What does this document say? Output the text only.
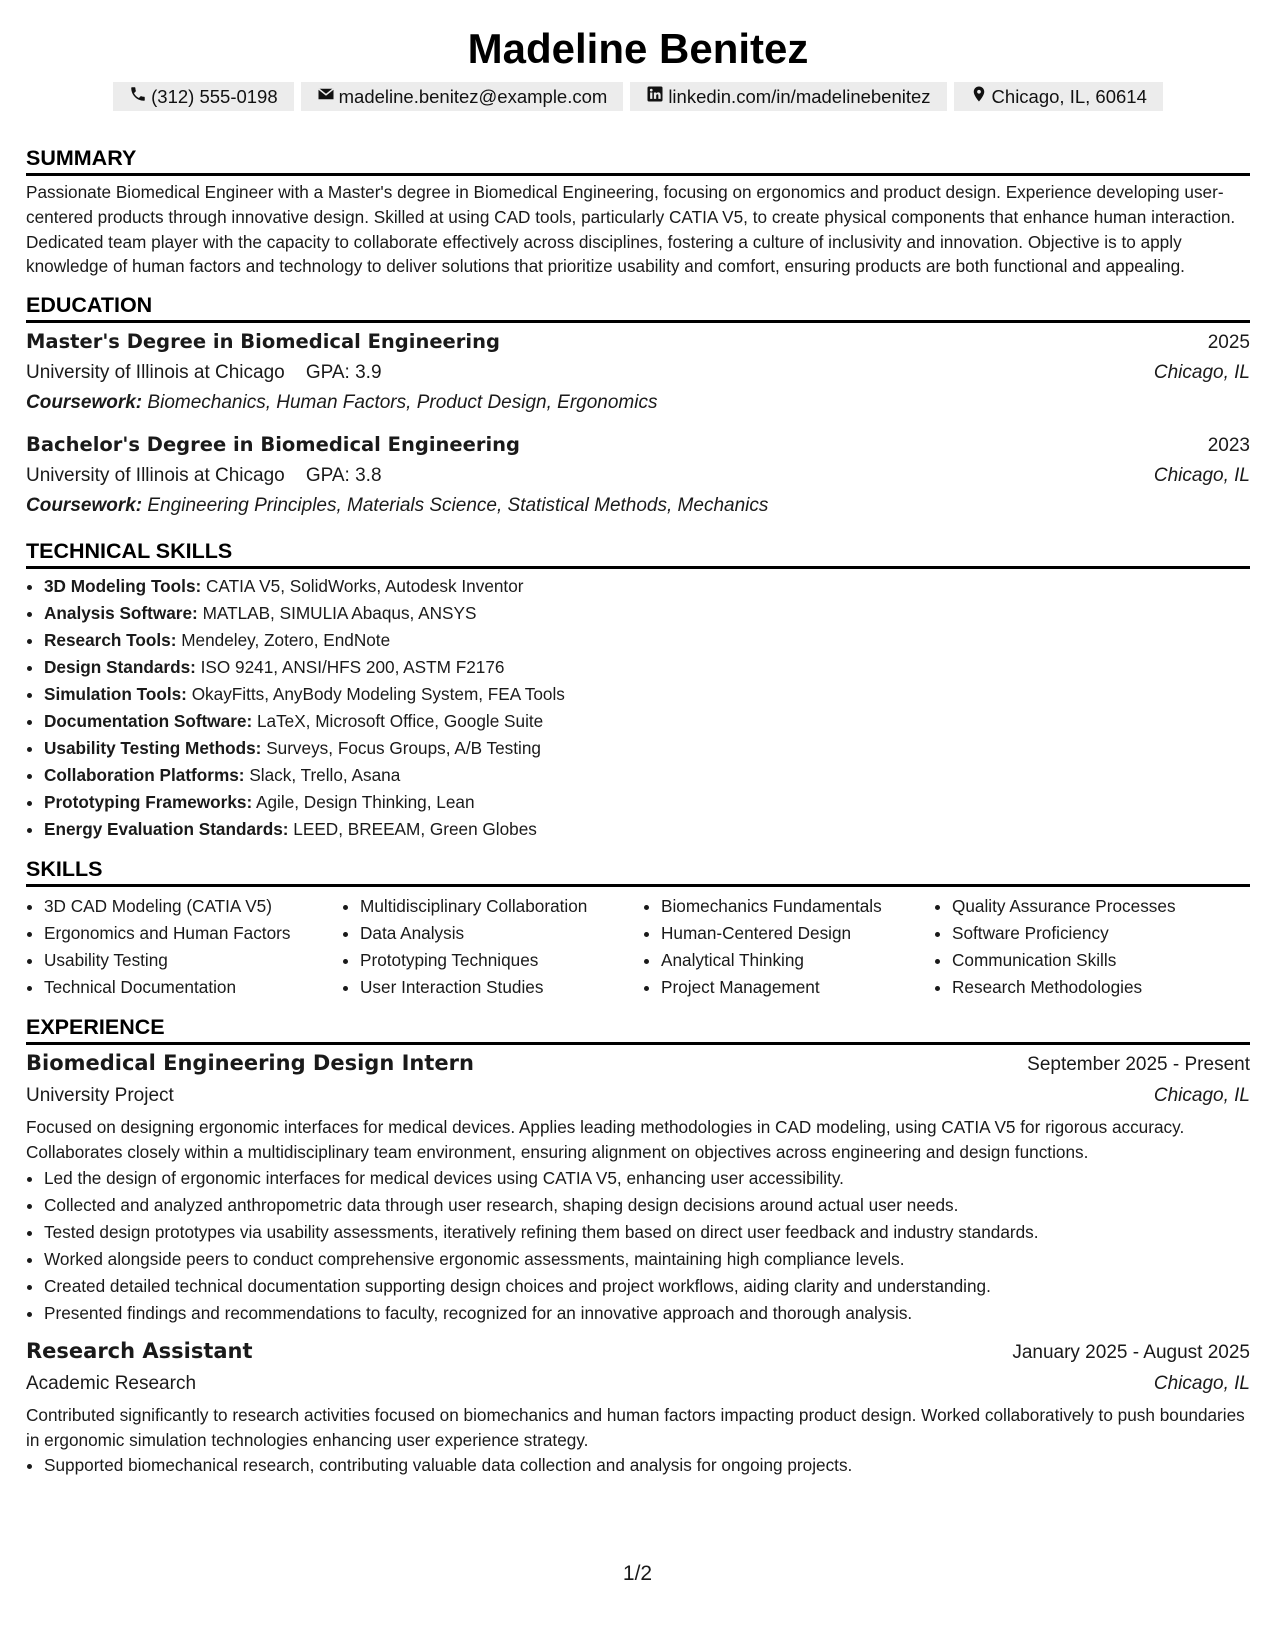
Madeline Benitez
(312) 555-0198	madeline.benitez@example.com	linkedin.com/in/madelinebenitez	Chicago, IL, 60614
SUMMARY

Passionate Biomedical Engineer with a Master's degree in Biomedical Engineering, focusing on ergonomics and product design. Experience developing user-centered products through innovative design. Skilled at using CAD tools, particularly CATIA V5, to create physical components that enhance human interaction. Dedicated team player with the capacity to collaborate effectively across disciplines, fostering a culture of inclusivity and innovation. Objective is to apply knowledge of human factors and technology to deliver solutions that prioritize usability and comfort, ensuring products are both functional and appealing.

EDUCATION
Master's Degree in Biomedical Engineering	2025
University of Illinois at Chicago GPA: 3.9	Chicago, IL
Coursework: Biomechanics, Human Factors, Product Design, Ergonomics
Bachelor's Degree in Biomedical Engineering	2023
University of Illinois at Chicago GPA: 3.8	Chicago, IL
Coursework: Engineering Principles, Materials Science, Statistical Methods, Mechanics
TECHNICAL SKILLS
• 3D Modeling Tools: CATIA V5, SolidWorks, Autodesk Inventor
• Analysis Software: MATLAB, SIMULIA Abaqus, ANSYS
• Research Tools: Mendeley, Zotero, EndNote
• Design Standards: ISO 9241, ANSI/HFS 200, ASTM F2176
• Simulation Tools: OkayFitts, AnyBody Modeling System, FEA Tools
• Documentation Software: LaTeX, Microsoft Office, Google Suite
• Usability Testing Methods: Surveys, Focus Groups, A/B Testing
• Collaboration Platforms: Slack, Trello, Asana
• Prototyping Frameworks: Agile, Design Thinking, Lean
• Energy Evaluation Standards: LEED, BREEAM, Green Globes
SKILLS
• 3D CAD Modeling (CATIA V5)
• Ergonomics and Human Factors
• Usability Testing
• Technical Documentation
• Multidisciplinary Collaboration
• Data Analysis
• Prototyping Techniques
• User Interaction Studies
• Biomechanics Fundamentals
• Human-Centered Design
• Analytical Thinking
• Project Management
• Quality Assurance Processes
• Software Proficiency
• Communication Skills
• Research Methodologies
EXPERIENCE
Biomedical Engineering Design Intern	September 2025 - Present
University Project	Chicago, IL

Focused on designing ergonomic interfaces for medical devices. Applies leading methodologies in CAD modeling, using CATIA V5 for rigorous accuracy. Collaborates closely within a multidisciplinary team environment, ensuring alignment on objectives across engineering and design functions.

• Led the design of ergonomic interfaces for medical devices using CATIA V5, enhancing user accessibility.
• Collected and analyzed anthropometric data through user research, shaping design decisions around actual user needs.
• Tested design prototypes via usability assessments, iteratively refining them based on direct user feedback and industry standards.
• Worked alongside peers to conduct comprehensive ergonomic assessments, maintaining high compliance levels.
• Created detailed technical documentation supporting design choices and project workflows, aiding clarity and understanding.
• Presented findings and recommendations to faculty, recognized for an innovative approach and thorough analysis.
Research Assistant	January 2025 - August 2025
Academic Research	Chicago, IL

Contributed significantly to research activities focused on biomechanics and human factors impacting product design. Worked collaboratively to push boundaries in ergonomic simulation technologies enhancing user experience strategy.

• Supported biomechanical research, contributing valuable data collection and analysis for ongoing projects.
1/2
